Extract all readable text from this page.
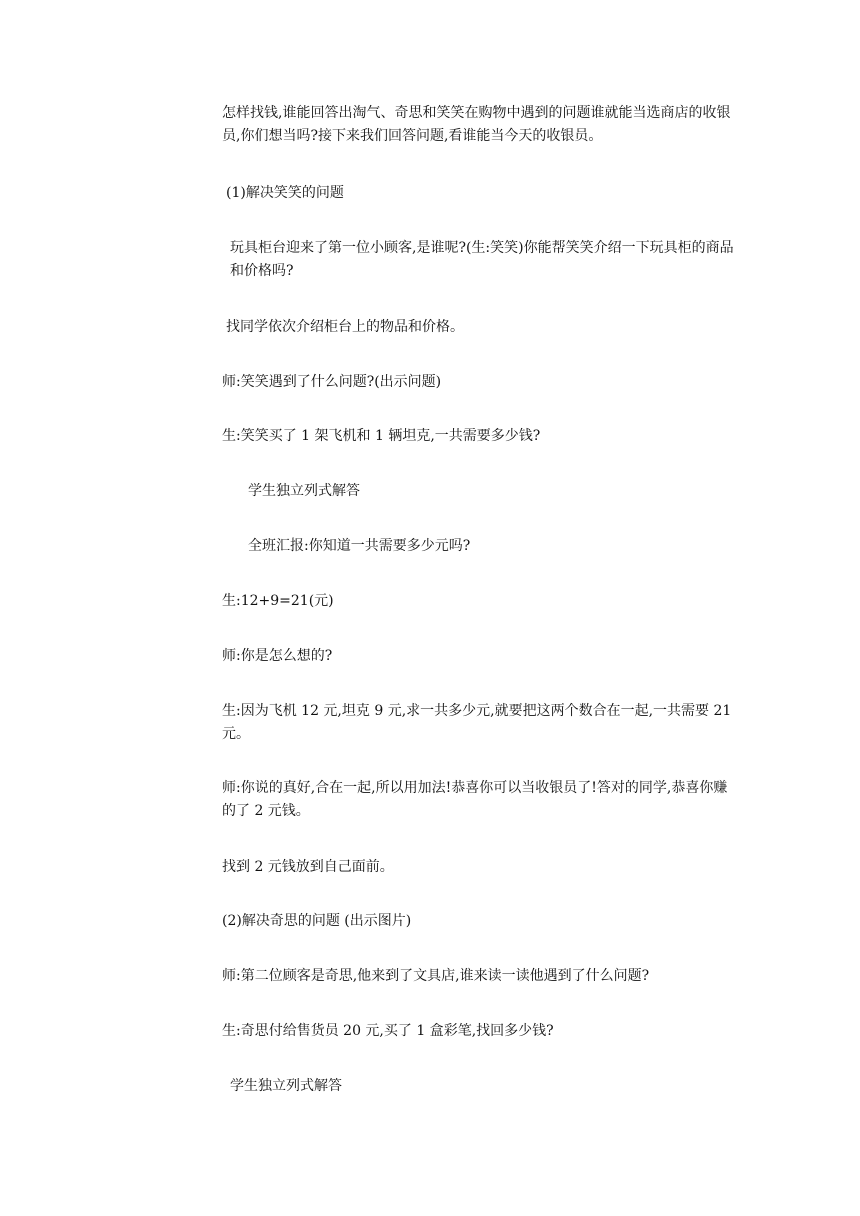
怎样找钱,谁能回答出淘气、奇思和笑笑在购物中遇到的问题谁就能当选商店的收银员,你们想当吗?接下来我们回答问题,看谁能当今天的收银员。

(1)解决笑笑的问题

玩具柜台迎来了第一位小顾客,是谁呢?(生:笑笑)你能帮笑笑介绍一下玩具柜的商品和价格吗?

找同学依次介绍柜台上的物品和价格。

师:笑笑遇到了什么问题?(出示问题)

生:笑笑买了 1 架飞机和 1 辆坦克,一共需要多少钱?

学生独立列式解答

全班汇报:你知道一共需要多少元吗?

生:12+9=21(元)

师:你是怎么想的?

生:因为飞机 12 元,坦克 9 元,求一共多少元,就要把这两个数合在一起,一共需要 21 元。

师:你说的真好,合在一起,所以用加法!恭喜你可以当收银员了!答对的同学,恭喜你赚的了 2 元钱。

找到 2 元钱放到自己面前。

(2)解决奇思的问题 (出示图片)

师:第二位顾客是奇思,他来到了文具店,谁来读一读他遇到了什么问题?

生:奇思付给售货员 20 元,买了 1 盒彩笔,找回多少钱?

学生独立列式解答
